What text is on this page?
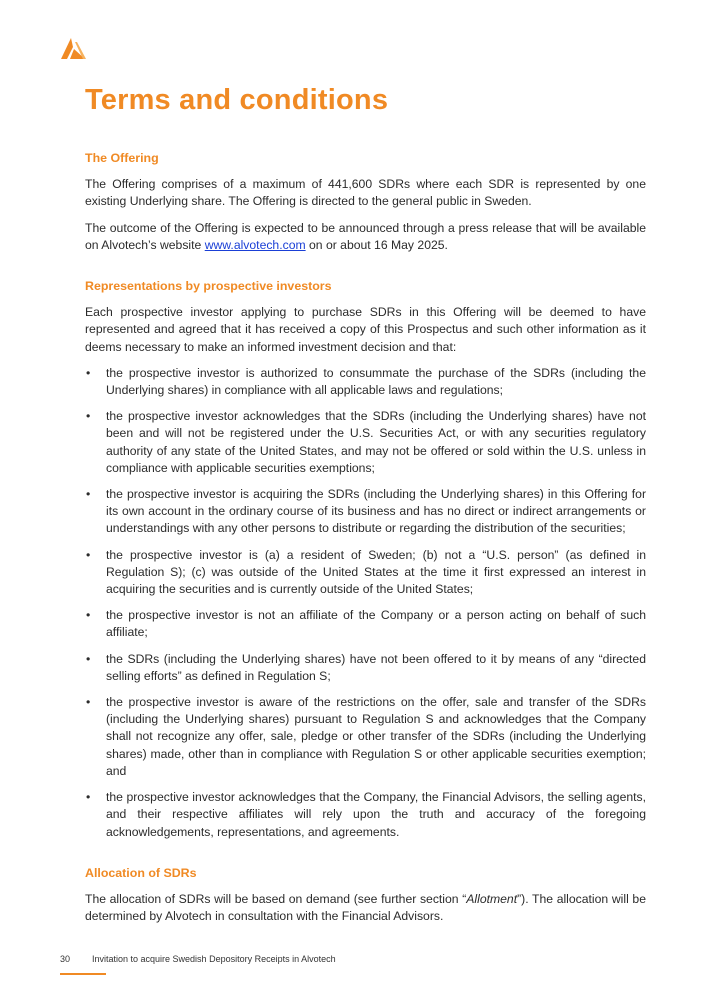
Terms and conditions
The Offering

The Offering comprises of a maximum of 441,600 SDRs where each SDR is represented by one existing Underlying share. The Offering is directed to the general public in Sweden.

The outcome of the Offering is expected to be announced through a press release that will be available on Alvotech’s website www.alvotech.com on or about 16 May 2025.

Representations by prospective investors

Each prospective investor applying to purchase SDRs in this Offering will be deemed to have represented and agreed that it has received a copy of this Prospectus and such other information as it deems necessary to make an informed investment decision and that:

• the prospective investor is authorized to consummate the purchase of the SDRs (including the Underlying shares) in compliance with all applicable laws and regulations;
• the prospective investor acknowledges that the SDRs (including the Underlying shares) have not been and will not be registered under the U.S. Securities Act, or with any securities regulatory authority of any state of the United States, and may not be offered or sold within the U.S. unless in compliance with applicable securities exemptions;
• the prospective investor is acquiring the SDRs (including the Underlying shares) in this Offering for its own account in the ordinary course of its business and has no direct or indirect arrangements or understandings with any other persons to distribute or regarding the distribution of the securities;
• the prospective investor is (a) a resident of Sweden; (b) not a “U.S. person” (as defined in Regulation S); (c) was outside of the United States at the time it first expressed an interest in acquiring the securities and is currently outside of the United States;
• the prospective investor is not an affiliate of the Company or a person acting on behalf of such affiliate;
• the SDRs (including the Underlying shares) have not been offered to it by means of any “directed selling efforts” as defined in Regulation S;
• the prospective investor is aware of the restrictions on the offer, sale and transfer of the SDRs (including the Underlying shares) pursuant to Regulation S and acknowledges that the Company shall not recognize any offer, sale, pledge or other transfer of the SDRs (including the Underlying shares) made, other than in compliance with Regulation S or other applicable securities exemption; and
• the prospective investor acknowledges that the Company, the Financial Advisors, the selling agents, and their respective affiliates will rely upon the truth and accuracy of the foregoing acknowledgements, representations, and agreements.
Allocation of SDRs

The allocation of SDRs will be based on demand (see further section “Allotment”). The allocation will be determined by Alvotech in consultation with the Financial Advisors.

30 Invitation to acquire Swedish Depository Receipts in Alvotech
